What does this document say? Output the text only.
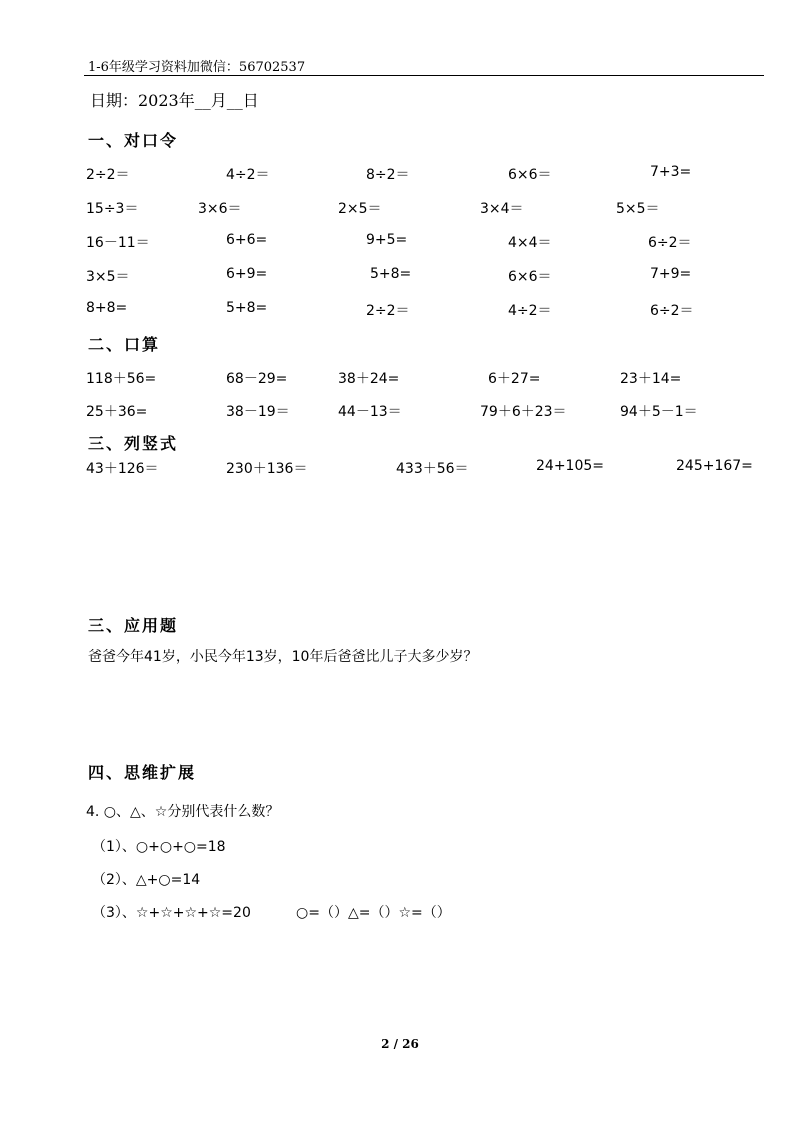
1-6年级学习资料加微信：56702537
日期：2023年__月__日
一、对口令
2÷2＝	4÷2＝	8÷2＝	6×6＝	7+3=
15÷3＝	3×6＝	2×5＝	3×4＝	5×5＝
16－11＝	6+6=	9+5=	4×4＝	6÷2＝
3×5＝	6+9=	5+8=	6×6＝	7+9=
8+8=	5+8=	2÷2＝	4÷2＝	6÷2＝
二、口算
118＋56=	68－29=	38＋24=	6＋27=	23＋14=
25＋36=	38－19＝	44－13＝	79＋6＋23＝	94＋5－1＝
三、列竖式
43＋126＝	230＋136＝	433＋56＝	24+105=	245+167=
三、应用题
爸爸今年41岁，小民今年13岁，10年后爸爸比儿子大多少岁？
四、思维扩展
4. ○、△、☆分别代表什么数？
（1）、○+○+○=18
（2）、△+○=14
（3）、☆+☆+☆+☆=20	○=（）△=（）☆=（）
2 / 26
